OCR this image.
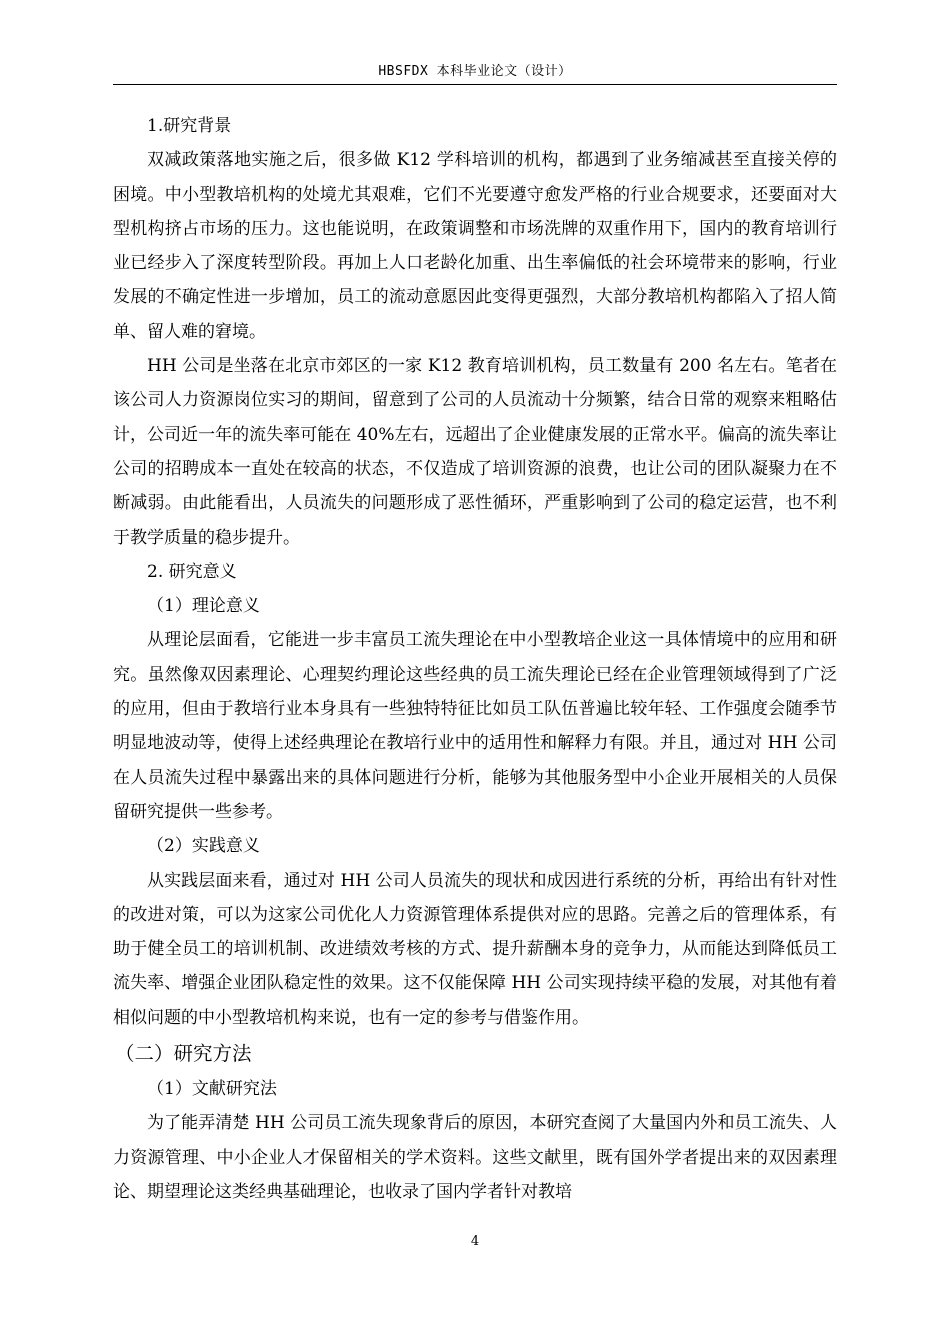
HBSFDX 本科毕业论文（设计）

1.研究背景

双减政策落地实施之后，很多做 K12 学科培训的机构，都遇到了业务缩减甚至直接关停的困境。中小型教培机构的处境尤其艰难，它们不光要遵守愈发严格的行业合规要求，还要面对大型机构挤占市场的压力。这也能说明，在政策调整和市场洗牌的双重作用下，国内的教育培训行业已经步入了深度转型阶段。再加上人口老龄化加重、出生率偏低的社会环境带来的影响，行业发展的不确定性进一步增加，员工的流动意愿因此变得更强烈，大部分教培机构都陷入了招人简单、留人难的窘境。

HH 公司是坐落在北京市郊区的一家 K12 教育培训机构，员工数量有 200 名左右。笔者在该公司人力资源岗位实习的期间，留意到了公司的人员流动十分频繁，结合日常的观察来粗略估计，公司近一年的流失率可能在 40%左右，远超出了企业健康发展的正常水平。偏高的流失率让公司的招聘成本一直处在较高的状态，不仅造成了培训资源的浪费，也让公司的团队凝聚力在不断减弱。由此能看出，人员流失的问题形成了恶性循环，严重影响到了公司的稳定运营，也不利于教学质量的稳步提升。

2. 研究意义

（1）理论意义

从理论层面看，它能进一步丰富员工流失理论在中小型教培企业这一具体情境中的应用和研究。虽然像双因素理论、心理契约理论这些经典的员工流失理论已经在企业管理领域得到了广泛的应用，但由于教培行业本身具有一些独特特征比如员工队伍普遍比较年轻、工作强度会随季节明显地波动等，使得上述经典理论在教培行业中的适用性和解释力有限。并且，通过对 HH 公司在人员流失过程中暴露出来的具体问题进行分析，能够为其他服务型中小企业开展相关的人员保留研究提供一些参考。

（2）实践意义

从实践层面来看，通过对 HH 公司人员流失的现状和成因进行系统的分析，再给出有针对性的改进对策，可以为这家公司优化人力资源管理体系提供对应的思路。完善之后的管理体系，有助于健全员工的培训机制、改进绩效考核的方式、提升薪酬本身的竞争力，从而能达到降低员工流失率、增强企业团队稳定性的效果。这不仅能保障 HH 公司实现持续平稳的发展，对其他有着相似问题的中小型教培机构来说，也有一定的参考与借鉴作用。

（二）研究方法

（1）文献研究法

为了能弄清楚 HH 公司员工流失现象背后的原因，本研究查阅了大量国内外和员工流失、人力资源管理、中小企业人才保留相关的学术资料。这些文献里，既有国外学者提出来的双因素理论、期望理论这类经典基础理论，也收录了国内学者针对教培

4
